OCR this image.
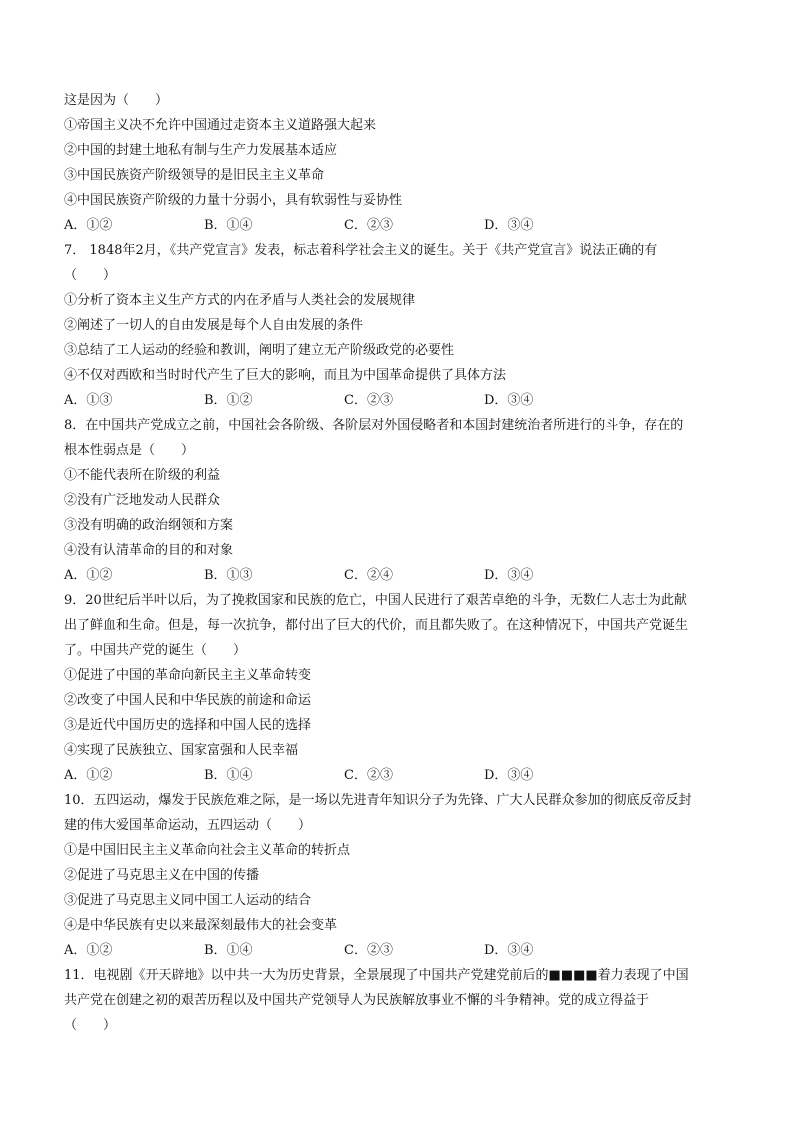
这是因为（　　）
①帝国主义决不允许中国通过走资本主义道路强大起来
②中国的封建土地私有制与生产力发展基本适应
③中国民族资产阶级领导的是旧民主主义革命
④中国民族资产阶级的力量十分弱小，具有软弱性与妥协性
A．①②	B．①④	C．②③	D．③④
7． 1848年2月，《共产党宣言》发表，标志着科学社会主义的诞生。关于《共产党宣言》说法正确的有
（　　）
①分析了资本主义生产方式的内在矛盾与人类社会的发展规律
②阐述了一切人的自由发展是每个人自由发展的条件
③总结了工人运动的经验和教训，阐明了建立无产阶级政党的必要性
④不仅对西欧和当时时代产生了巨大的影响，而且为中国革命提供了具体方法
A．①③	B．①②	C．②③	D．③④
8．在中国共产党成立之前，中国社会各阶级、各阶层对外国侵略者和本国封建统治者所进行的斗争，存在的
根本性弱点是（　　）
①不能代表所在阶级的利益
②没有广泛地发动人民群众
③没有明确的政治纲领和方案
④没有认清革命的目的和对象
A．①②	B．①③	C．②④	D．③④
9．20世纪后半叶以后，为了挽救国家和民族的危亡，中国人民进行了艰苦卓绝的斗争，无数仁人志士为此献
出了鲜血和生命。但是，每一次抗争，都付出了巨大的代价，而且都失败了。在这种情况下，中国共产党诞生
了。中国共产党的诞生（　　）
①促进了中国的革命向新民主主义革命转变
②改变了中国人民和中华民族的前途和命运
③是近代中国历史的选择和中国人民的选择
④实现了民族独立、国家富强和人民幸福
A．①②	B．①④	C．②③	D．③④
10．五四运动，爆发于民族危难之际，是一场以先进青年知识分子为先锋、广大人民群众参加的彻底反帝反封
建的伟大爱国革命运动，五四运动（　　）
①是中国旧民主主义革命向社会主义革命的转折点
②促进了马克思主义在中国的传播
③促进了马克思主义同中国工人运动的结合
④是中华民族有史以来最深刻最伟大的社会变革
A．①②	B．①④	C．②③	D．③④
11．电视剧《开天辟地》以中共一大为历史背景，全景展现了中国共产党建党前后的■■■■着力表现了中国
共产党在创建之初的艰苦历程以及中国共产党领导人为民族解放事业不懈的斗争精神。党的成立得益于
（　　）
